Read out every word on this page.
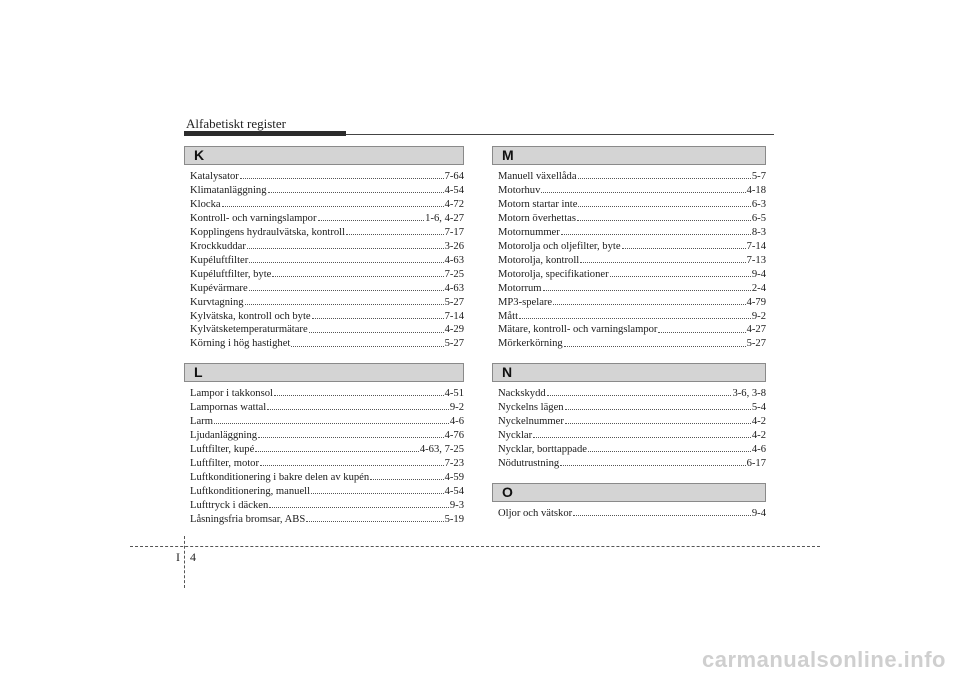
Alfabetiskt register
K
Katalysator	7-64
Klimatanläggning	4-54
Klocka	4-72
Kontroll- och varningslampor	1-6, 4-27
Kopplingens hydraulvätska, kontroll	7-17
Krockkuddar	3-26
Kupéluftfilter	4-63
Kupéluftfilter, byte	7-25
Kupévärmare	4-63
Kurvtagning	5-27
Kylvätska, kontroll och byte	7-14
Kylvätsketemperaturmätare	4-29
Körning i hög hastighet	5-27
L
Lampor i takkonsol	4-51
Lampornas wattal	9-2
Larm	4-6
Ljudanläggning	4-76
Luftfilter, kupé	4-63, 7-25
Luftfilter, motor	7-23
Luftkonditionering i bakre delen av kupén	4-59
Luftkonditionering, manuell	4-54
Lufttryck i däcken	9-3
Låsningsfria bromsar, ABS	5-19
M
Manuell växellåda	5-7
Motorhuv	4-18
Motorn startar inte	6-3
Motorn överhettas	6-5
Motornummer	8-3
Motorolja och oljefilter, byte	7-14
Motorolja, kontroll	7-13
Motorolja, specifikationer	9-4
Motorrum	2-4
MP3-spelare	4-79
Mått	9-2
Mätare, kontroll- och varningslampor	4-27
Mörkerkörning	5-27
N
Nackskydd	3-6, 3-8
Nyckelns lägen	5-4
Nyckelnummer	4-2
Nycklar	4-2
Nycklar, borttappade	4-6
Nödutrustning	6-17
O
Oljor och vätskor	9-4
I 4
carmanualsonline.info
